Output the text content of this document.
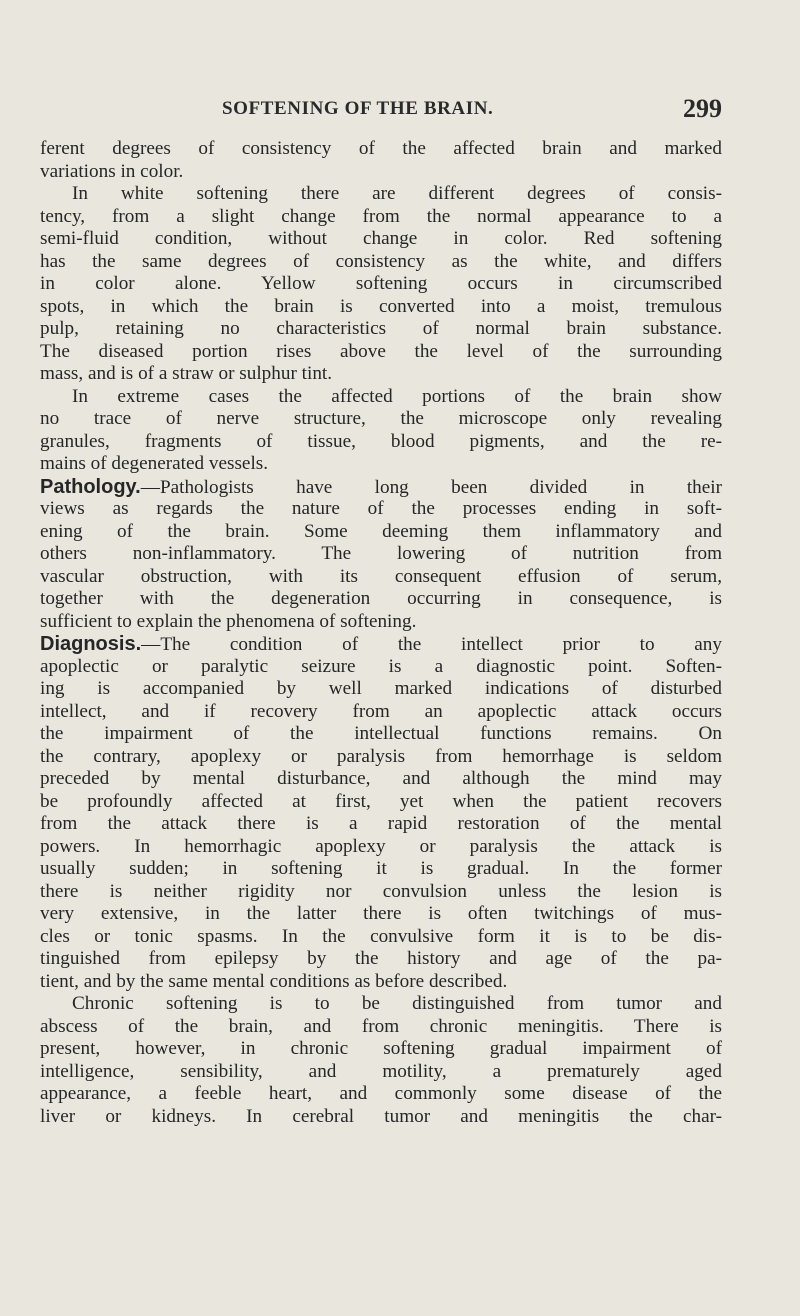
SOFTENING OF THE BRAIN.	299
ferent degrees of consistency of the affected brain and marked
variations in color.
In white softening there are different degrees of consis-
tency, from a slight change from the normal appearance to a
semi-fluid condition, without change in color. Red softening
has the same degrees of consistency as the white, and differs
in color alone. Yellow softening occurs in circumscribed
spots, in which the brain is converted into a moist, tremulous
pulp, retaining no characteristics of normal brain substance.
The diseased portion rises above the level of the surrounding
mass, and is of a straw or sulphur tint.
In extreme cases the affected portions of the brain show
no trace of nerve structure, the microscope only revealing
granules, fragments of tissue, blood pigments, and the re-
mains of degenerated vessels.
Pathology.—Pathologists have long been divided in their
views as regards the nature of the processes ending in soft-
ening of the brain. Some deeming them inflammatory and
others non-inflammatory. The lowering of nutrition from
vascular obstruction, with its consequent effusion of serum,
together with the degeneration occurring in consequence, is
sufficient to explain the phenomena of softening.
Diagnosis.—The condition of the intellect prior to any
apoplectic or paralytic seizure is a diagnostic point. Soften-
ing is accompanied by well marked indications of disturbed
intellect, and if recovery from an apoplectic attack occurs
the impairment of the intellectual functions remains. On
the contrary, apoplexy or paralysis from hemorrhage is seldom
preceded by mental disturbance, and although the mind may
be profoundly affected at first, yet when the patient recovers
from the attack there is a rapid restoration of the mental
powers. In hemorrhagic apoplexy or paralysis the attack is
usually sudden; in softening it is gradual. In the former
there is neither rigidity nor convulsion unless the lesion is
very extensive, in the latter there is often twitchings of mus-
cles or tonic spasms. In the convulsive form it is to be dis-
tinguished from epilepsy by the history and age of the pa-
tient, and by the same mental conditions as before described.
Chronic softening is to be distinguished from tumor and
abscess of the brain, and from chronic meningitis. There is
present, however, in chronic softening gradual impairment of
intelligence, sensibility, and motility, a prematurely aged
appearance, a feeble heart, and commonly some disease of the
liver or kidneys. In cerebral tumor and meningitis the char-
